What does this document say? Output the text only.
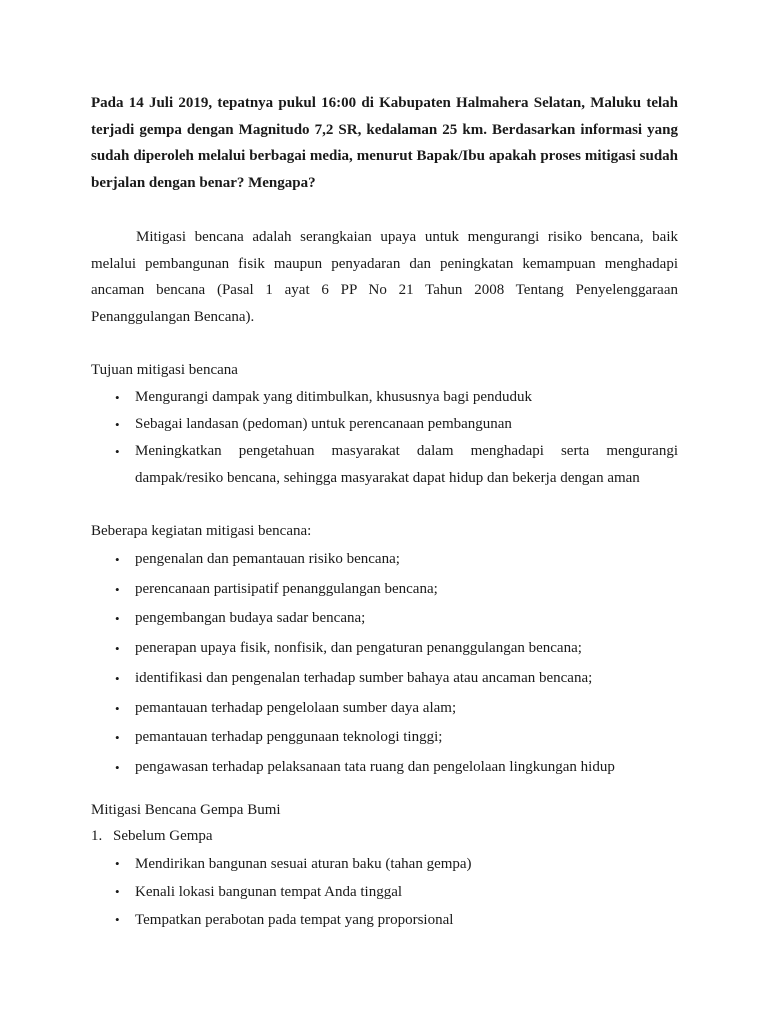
Pada 14 Juli 2019, tepatnya pukul 16:00 di Kabupaten Halmahera Selatan, Maluku telah terjadi gempa dengan Magnitudo 7,2 SR, kedalaman 25 km. Berdasarkan informasi yang sudah diperoleh melalui berbagai media, menurut Bapak/Ibu apakah proses mitigasi sudah berjalan dengan benar? Mengapa?

Mitigasi bencana adalah serangkaian upaya untuk mengurangi risiko bencana, baik melalui pembangunan fisik maupun penyadaran dan peningkatan kemampuan menghadapi ancaman bencana (Pasal 1 ayat 6 PP No 21 Tahun 2008 Tentang Penyelenggaraan Penanggulangan Bencana).

Tujuan mitigasi bencana
• Mengurangi dampak yang ditimbulkan, khususnya bagi penduduk
• Sebagai landasan (pedoman) untuk perencanaan pembangunan
• Meningkatkan pengetahuan masyarakat dalam menghadapi serta mengurangi dampak/resiko bencana, sehingga masyarakat dapat hidup dan bekerja dengan aman
Beberapa kegiatan mitigasi bencana:
• pengenalan dan pemantauan risiko bencana;
• perencanaan partisipatif penanggulangan bencana;
• pengembangan budaya sadar bencana;
• penerapan upaya fisik, nonfisik, dan pengaturan penanggulangan bencana;
• identifikasi dan pengenalan terhadap sumber bahaya atau ancaman bencana;
• pemantauan terhadap pengelolaan sumber daya alam;
• pemantauan terhadap penggunaan teknologi tinggi;
• pengawasan terhadap pelaksanaan tata ruang dan pengelolaan lingkungan hidup
Mitigasi Bencana Gempa Bumi
1. Sebelum Gempa
• Mendirikan bangunan sesuai aturan baku (tahan gempa)
• Kenali lokasi bangunan tempat Anda tinggal
• Tempatkan perabotan pada tempat yang proporsional
